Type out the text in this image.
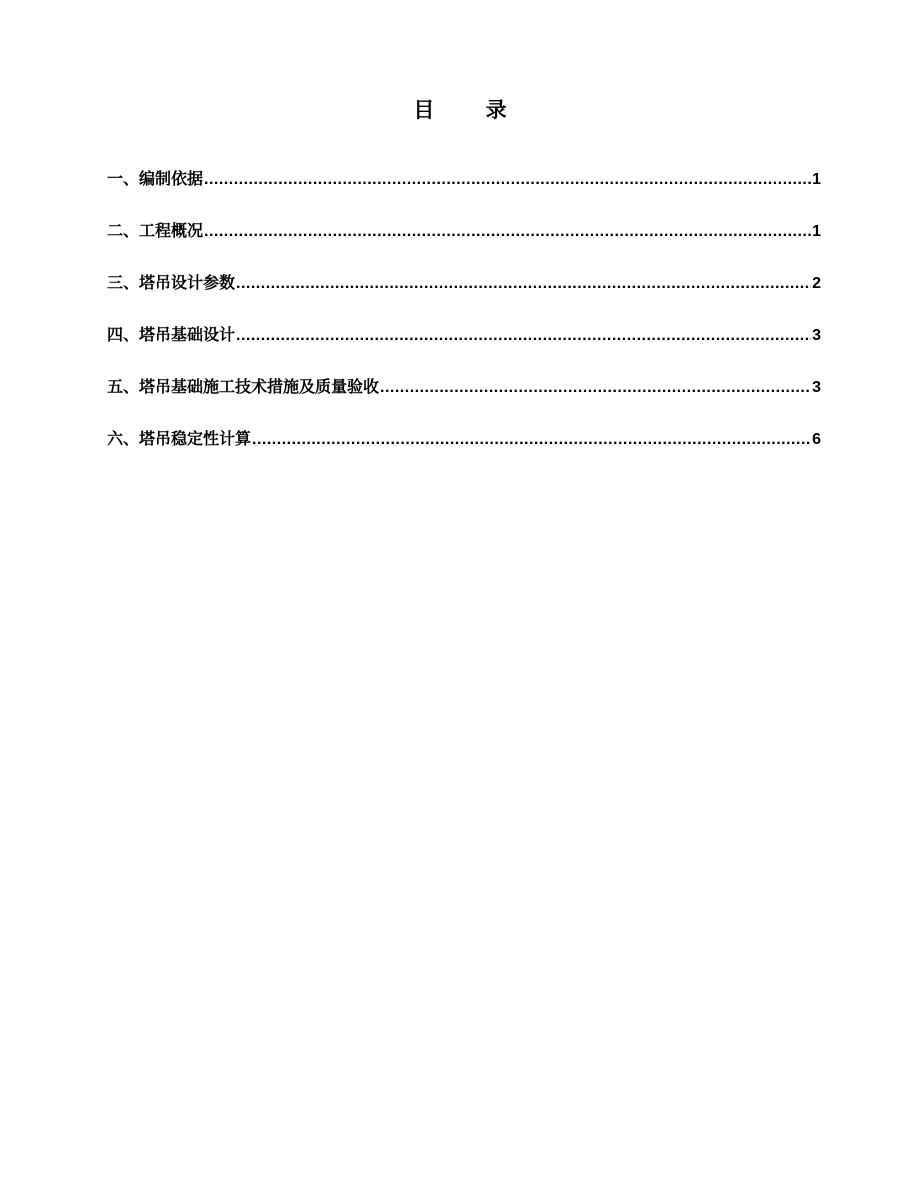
目 录
一、编制依据 .....	1
二、工程概况 .....	1
三、塔吊设计参数 .....	2
四、塔吊基础设计 .....	3
五、塔吊基础施工技术措施及质量验收 .....	3
六、塔吊稳定性计算 .....	6
